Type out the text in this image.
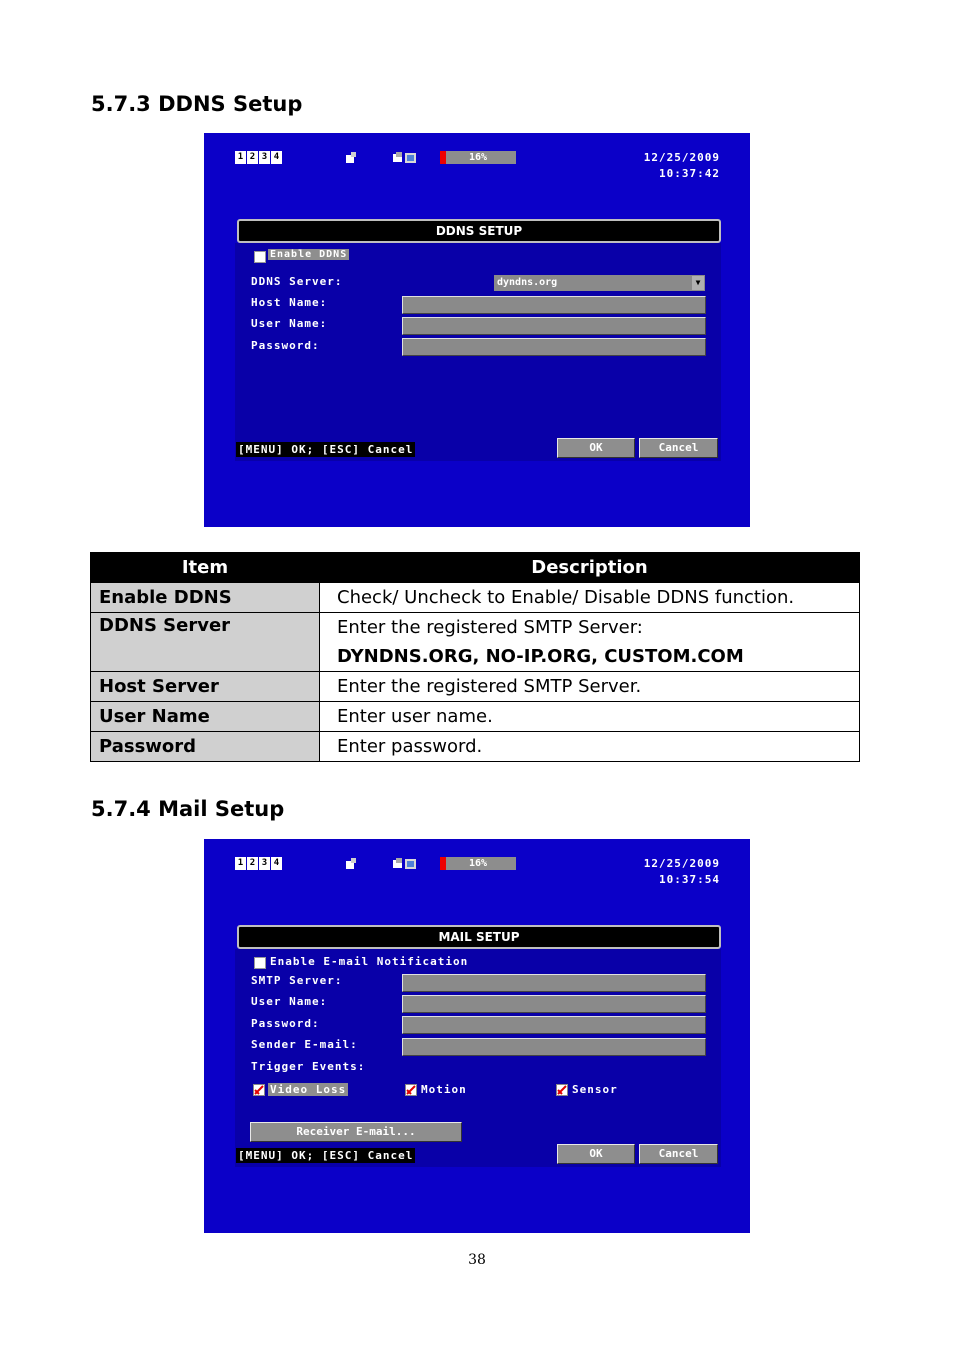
5.7.3 DDNS Setup
1 2 3 4	16%	12/25/2009
10:37:42
DDNS SETUP
Enable DDNS
DDNS Server:	dyndns.org	▼
Host Name:
User Name:
Password:
[MENU] OK; [ESC] Cancel	OK	Cancel
Item	Description
Enable DDNS	Check/ Uncheck to Enable/ Disable DDNS function.
DDNS Server	Enter the registered SMTP Server:
DYNDNS.ORG, NO-IP.ORG, CUSTOM.COM

Host Server	Enter the registered SMTP Server.
User Name	Enter user name.
Password	Enter password.
5.7.4 Mail Setup
1 2 3 4	16%	12/25/2009
10:37:54
MAIL SETUP
Enable E-mail Notification
SMTP Server:
User Name:
Password:
Sender E-mail:
Trigger Events:
Video Loss	Motion	Sensor
Receiver E-mail...
[MENU] OK; [ESC] Cancel	OK	Cancel
38
